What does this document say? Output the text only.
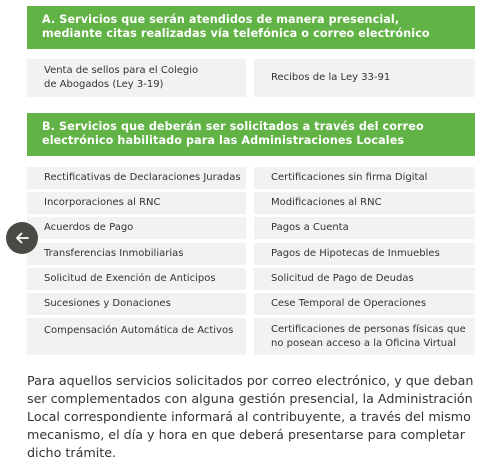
A. Servicios que serán atendidos de manera presencial,
mediante citas realizadas vía telefónica o correo electrónico
Venta de sellos para el Colegio
de Abogados (Ley 3-19)
Recibos de la Ley 33-91
B. Servicios que deberán ser solicitados a través del correo
electrónico habilitado para las Administraciones Locales
Rectificativas de Declaraciones Juradas
Incorporaciones al RNC
Acuerdos de Pago
Transferencias Inmobiliarias
Solicitud de Exención de Anticipos
Sucesiones y Donaciones
Compensación Automática de Activos
Certificaciones sin firma Digital
Modificaciones al RNC
Pagos a Cuenta
Pagos de Hipotecas de Inmuebles
Solicitud de Pago de Deudas
Cese Temporal de Operaciones
Certificaciones de personas físicas que
no posean acceso a la Oficina Virtual
Para aquellos servicios solicitados por correo electrónico, y que deban
ser complementados con alguna gestión presencial, la Administración
Local correspondiente informará al contribuyente, a través del mismo
mecanismo, el día y hora en que deberá presentarse para completar
dicho trámite.
